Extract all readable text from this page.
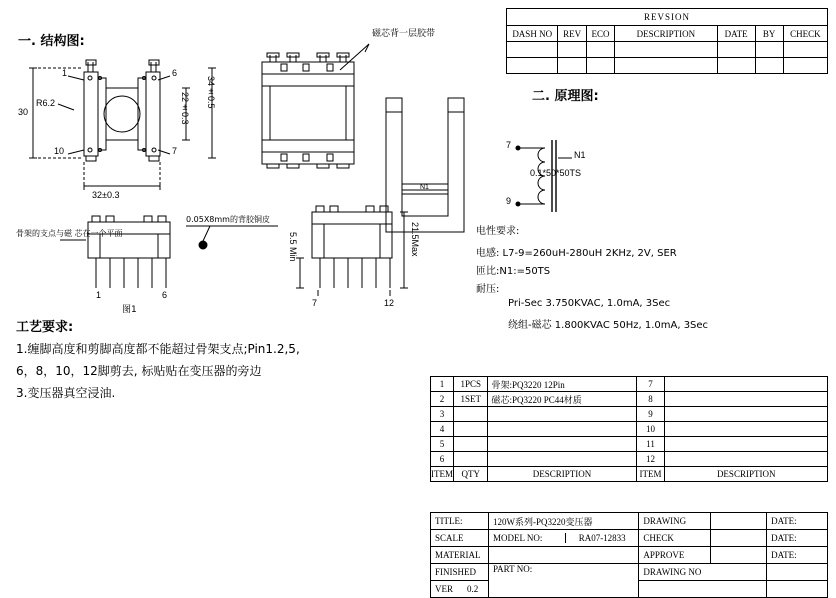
一. 结构图:
30
R6.2	22±0.3 34±0.5
32±0.3
1	6
7
10
磁芯背一层胶带
骨架的支点与磁 芯在一个平面
0.05X8mm的背胶铜皮
1	6
图1
7	12
5.5 Min	21.5Max
N1
二. 原理图:
N1
0.1*50*50TS
7
9
电性要求:
电感: L7-9=260uH-280uH 2KHz, 2V, SER
匝比:N1:=50TS
耐压:
Pri-Sec 3.750KVAC, 1.0mA, 3Sec
绕组-磁芯 1.800KVAC 50Hz, 1.0mA, 3Sec
工艺要求:
1.缠脚高度和剪脚高度都不能超过骨架支点;Pin1.2,5,
6，8，10，12脚剪去, 标贴贴在变压器的旁边
3.变压器真空浸油.
REVSION						
DASH NO	REV	ECO	DESCRIPTION	DATE	BY	CHECK

1	1PCS	骨架:PQ3220 12Pin	7	
2	1SET	磁芯:PQ3220 PC44材质	8	
3			9	
4			10	
5			11	
6			12	
ITEM	QTY	DESCRIPTION	ITEM	DESCRIPTION
TITLE:	120W系列-PQ3220变压器	DRAWING		DATE:
SCALE	MODEL NO: RA07-12833	CHECK		DATE:
MATERIAL		APPROVE		DATE:
FINISHED	PART NO:	DRAWING NO		

VER 0.2				
